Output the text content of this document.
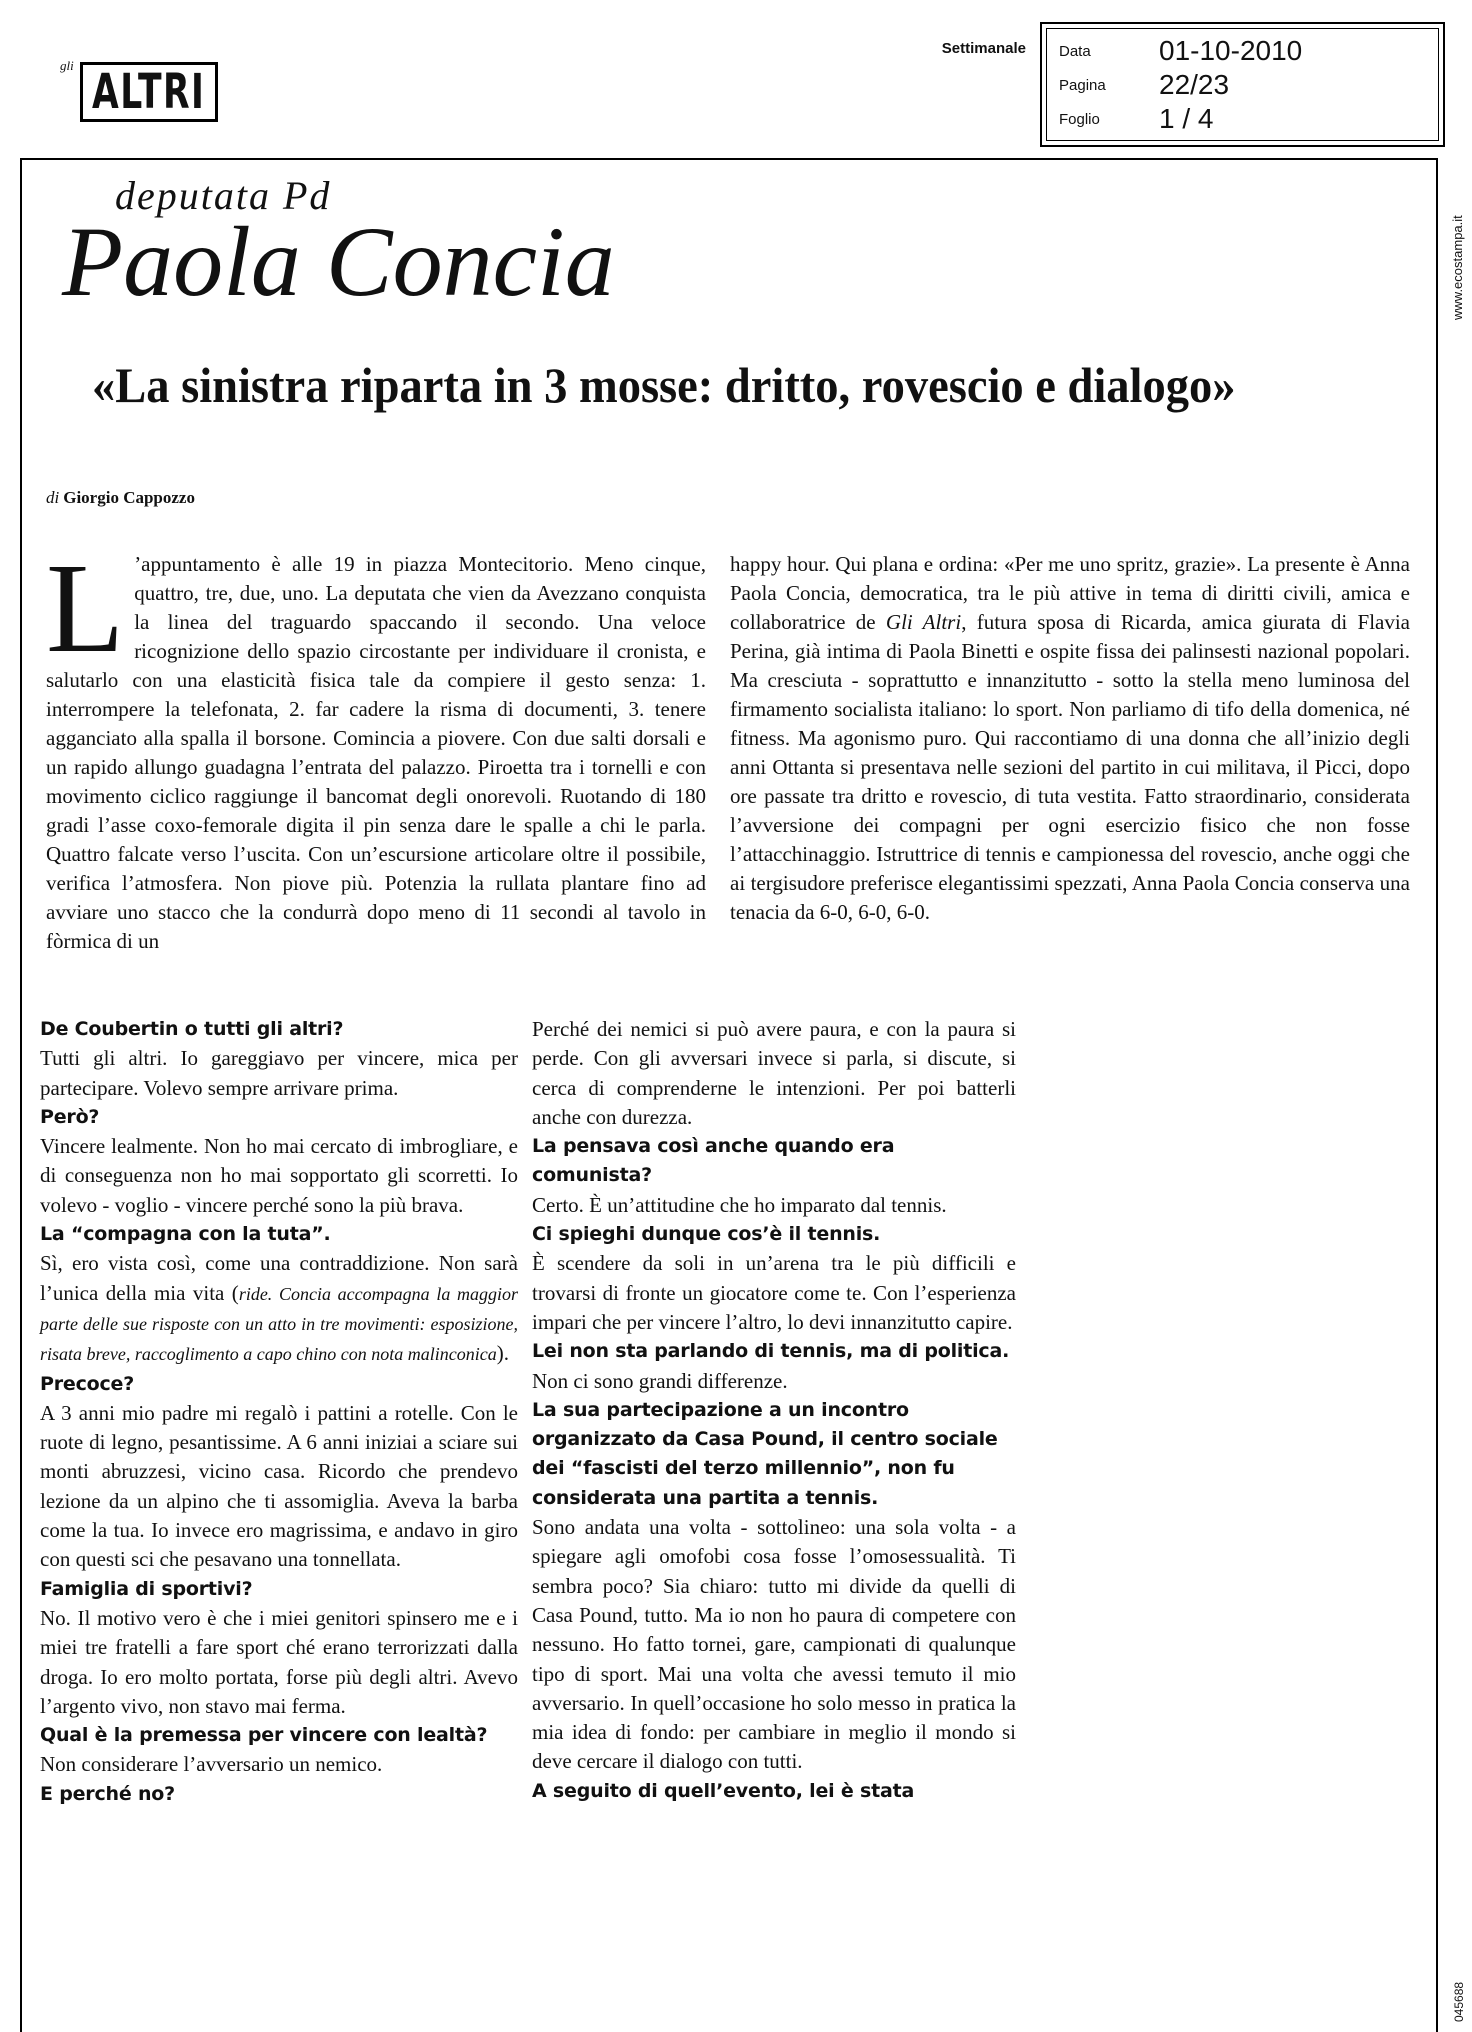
gli ALTRI
Settimanale Data	01-10-2010
Pagina	22/23
Foglio	1 / 4
www.ecostampa.it
045688
deputata Pd
Paola Concia
«La sinistra riparta in 3 mosse: dritto, rovescio e dialogo»
di Giorgio Cappozzo
L ’appuntamento è alle 19 in piazza Montecitorio. Meno cinque, quattro, tre, due, uno. La deputata che vien da Avezzano conquista la linea del traguardo spaccando il secondo. Una veloce ricognizione dello spazio circostante per individuare il cronista, e salutarlo con una elasticità fisica tale da compiere il gesto senza: 1. interrompere la telefonata, 2. far cadere la risma di documenti, 3. tenere agganciato alla spalla il borsone. Comincia a piovere. Con due salti dorsali e un rapido allungo guadagna l’entrata del palazzo. Piroetta tra i tornelli e con movimento ciclico raggiunge il bancomat degli onorevoli. Ruotando di 180 gradi l’asse coxo-femorale digita il pin senza dare le spalle a chi le parla. Quattro falcate verso l’uscita. Con un’escursione articolare oltre il possibile, verifica l’atmosfera. Non piove più. Potenzia la rullata plantare fino ad avviare uno stacco che la condurrà dopo meno di 11 secondi al tavolo in fòrmica di un
happy hour. Qui plana e ordina: «Per me uno spritz, grazie». La presente è Anna Paola Concia, democratica, tra le più attive in tema di diritti civili, amica e collaboratrice de Gli Altri, futura sposa di Ricarda, amica giurata di Flavia Perina, già intima di Paola Binetti e ospite fissa dei palinsesti nazional popolari. Ma cresciuta - soprattutto e innanzitutto - sotto la stella meno luminosa del firmamento socialista italiano: lo sport. Non parliamo di tifo della domenica, né fitness. Ma agonismo puro. Qui raccontiamo di una donna che all’inizio degli anni Ottanta si presentava nelle sezioni del partito in cui militava, il Picci, dopo ore passate tra dritto e rovescio, di tuta vestita. Fatto straordinario, considerata l’avversione dei compagni per ogni esercizio fisico che non fosse l’attacchinaggio. Istruttrice di tennis e campionessa del rovescio, anche oggi che ai tergisudore preferisce elegantissimi spezzati, Anna Paola Concia conserva una tenacia da 6-0, 6-0, 6-0.
De Coubertin o tutti gli altri?
Tutti gli altri. Io gareggiavo per vincere, mica per partecipare. Volevo sempre arrivare prima.
Però?
Vincere lealmente. Non ho mai cercato di imbrogliare, e di conseguenza non ho mai sopportato gli scorretti. Io volevo - voglio - vincere perché sono la più brava.
La “compagna con la tuta”.
Sì, ero vista così, come una contraddizione. Non sarà l’unica della mia vita (ride. Concia accompagna la maggior parte delle sue risposte con un atto in tre movimenti: esposizione, risata breve, raccoglimento a capo chino con nota malinconica).
Precoce?
A 3 anni mio padre mi regalò i pattini a rotelle. Con le ruote di legno, pesantissime. A 6 anni iniziai a sciare sui monti abruzzesi, vicino casa. Ricordo che prendevo lezione da un alpino che ti assomiglia. Aveva la barba come la tua. Io invece ero magrissima, e andavo in giro con questi sci che pesavano una tonnellata.
Famiglia di sportivi?
No. Il motivo vero è che i miei genitori spinsero me e i miei tre fratelli a fare sport ché erano terrorizzati dalla droga. Io ero molto portata, forse più degli altri. Avevo l’argento vivo, non stavo mai ferma.
Qual è la premessa per vincere con lealtà?
Non considerare l’avversario un nemico.
E perché no?
Perché dei nemici si può avere paura, e con la paura si perde. Con gli avversari invece si parla, si discute, si cerca di comprenderne le intenzioni. Per poi batterli anche con durezza.
La pensava così anche quando era comunista?
Certo. È un’attitudine che ho imparato dal tennis.
Ci spieghi dunque cos’è il tennis.
È scendere da soli in un’arena tra le più difficili e trovarsi di fronte un giocatore come te. Con l’esperienza impari che per vincere l’altro, lo devi innanzitutto capire.
Lei non sta parlando di tennis, ma di politica.
Non ci sono grandi differenze.
La sua partecipazione a un incontro organizzato da Casa Pound, il centro sociale dei “fascisti del terzo millennio”, non fu considerata una partita a tennis.
Sono andata una volta - sottolineo: una sola volta - a spiegare agli omofobi cosa fosse l’omosessualità. Ti sembra poco? Sia chiaro: tutto mi divide da quelli di Casa Pound, tutto. Ma io non ho paura di competere con nessuno. Ho fatto tornei, gare, campionati di qualunque tipo di sport. Mai una volta che avessi temuto il mio avversario. In quell’occasione ho solo messo in pratica la mia idea di fondo: per cambiare in meglio il mondo si deve cercare il dialogo con tutti.
A seguito di quell’evento, lei è stata
